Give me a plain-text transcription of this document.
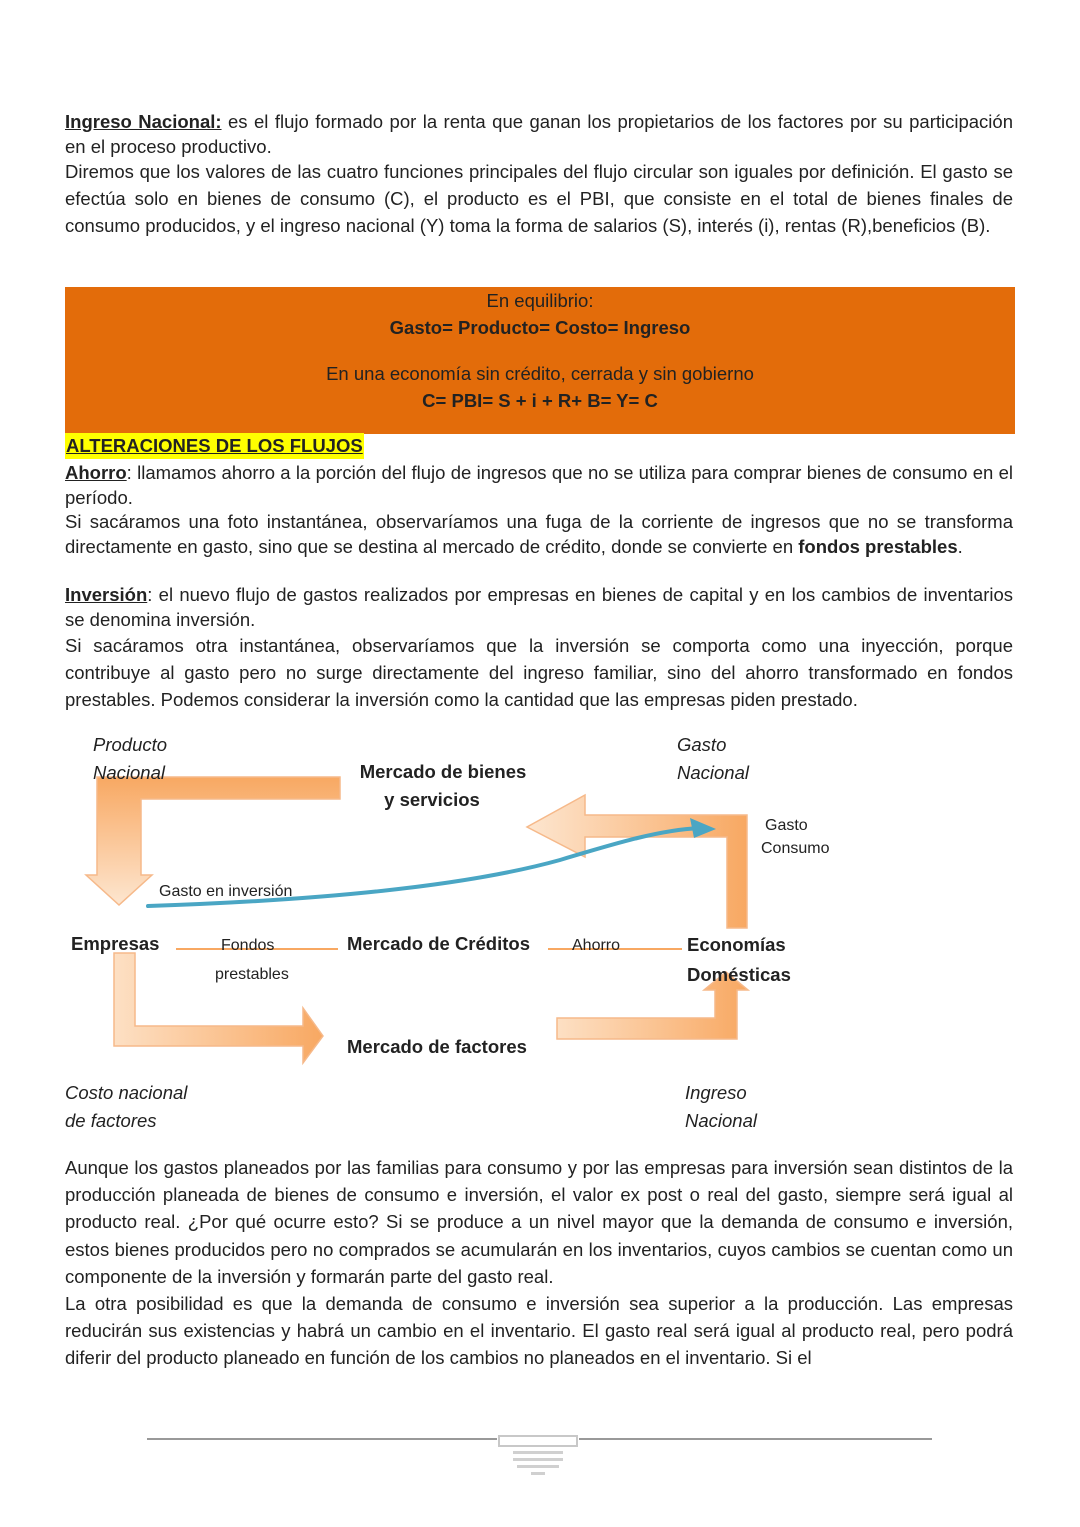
Ingreso Nacional: es el flujo formado por la renta que ganan los propietarios de los factores por su participación en el proceso productivo.

Diremos que los valores de las cuatro funciones principales del flujo circular son iguales por definición. El gasto se efectúa solo en bienes de consumo (C), el producto es el PBI, que consiste en el total de bienes finales de consumo producidos, y el ingreso nacional (Y) toma la forma de salarios (S), interés (i), rentas (R),beneficios (B).

En equilibrio:
Gasto= Producto= Costo= Ingreso
En una economía sin crédito, cerrada y sin gobierno
C= PBI= S + i + R+ B= Y= C
ALTERACIONES DE LOS FLUJOS

Ahorro: llamamos ahorro a la porción del flujo de ingresos que no se utiliza para comprar bienes de consumo en el período.

Si sacáramos una foto instantánea, observaríamos una fuga de la corriente de ingresos que no se transforma directamente en gasto, sino que se destina al mercado de crédito, donde se convierte en fondos prestables.

Inversión: el nuevo flujo de gastos realizados por empresas en bienes de capital y en los cambios de inventarios se denomina inversión.

Si sacáramos otra instantánea, observaríamos que la inversión se comporta como una inyección, porque contribuye al gasto pero no surge directamente del ingreso familiar, sino del ahorro transformado en fondos prestables. Podemos considerar la inversión como la cantidad que las empresas piden prestado.

Producto
Nacional
Gasto
Nacional
Mercado de bienes
y servicios
Gasto
Consumo
Gasto en inversión
Empresas	Fondos
prestables
Mercado de Créditos	Ahorro	Economías
Domésticas
Mercado de factores
Costo nacional
de factores
Ingreso
Nacional

Aunque los gastos planeados por las familias para consumo y por las empresas para inversión sean distintos de la producción planeada de bienes de consumo e inversión, el valor ex post o real del gasto, siempre será igual al producto real. ¿Por qué ocurre esto? Si se produce a un nivel mayor que la demanda de consumo e inversión, estos bienes producidos pero no comprados se acumularán en los inventarios, cuyos cambios se cuentan como un componente de la inversión y formarán parte del gasto real.

La otra posibilidad es que la demanda de consumo e inversión sea superior a la producción. Las empresas reducirán sus existencias y habrá un cambio en el inventario. El gasto real será igual al producto real, pero podrá diferir del producto planeado en función de los cambios no planeados en el inventario. Si el
